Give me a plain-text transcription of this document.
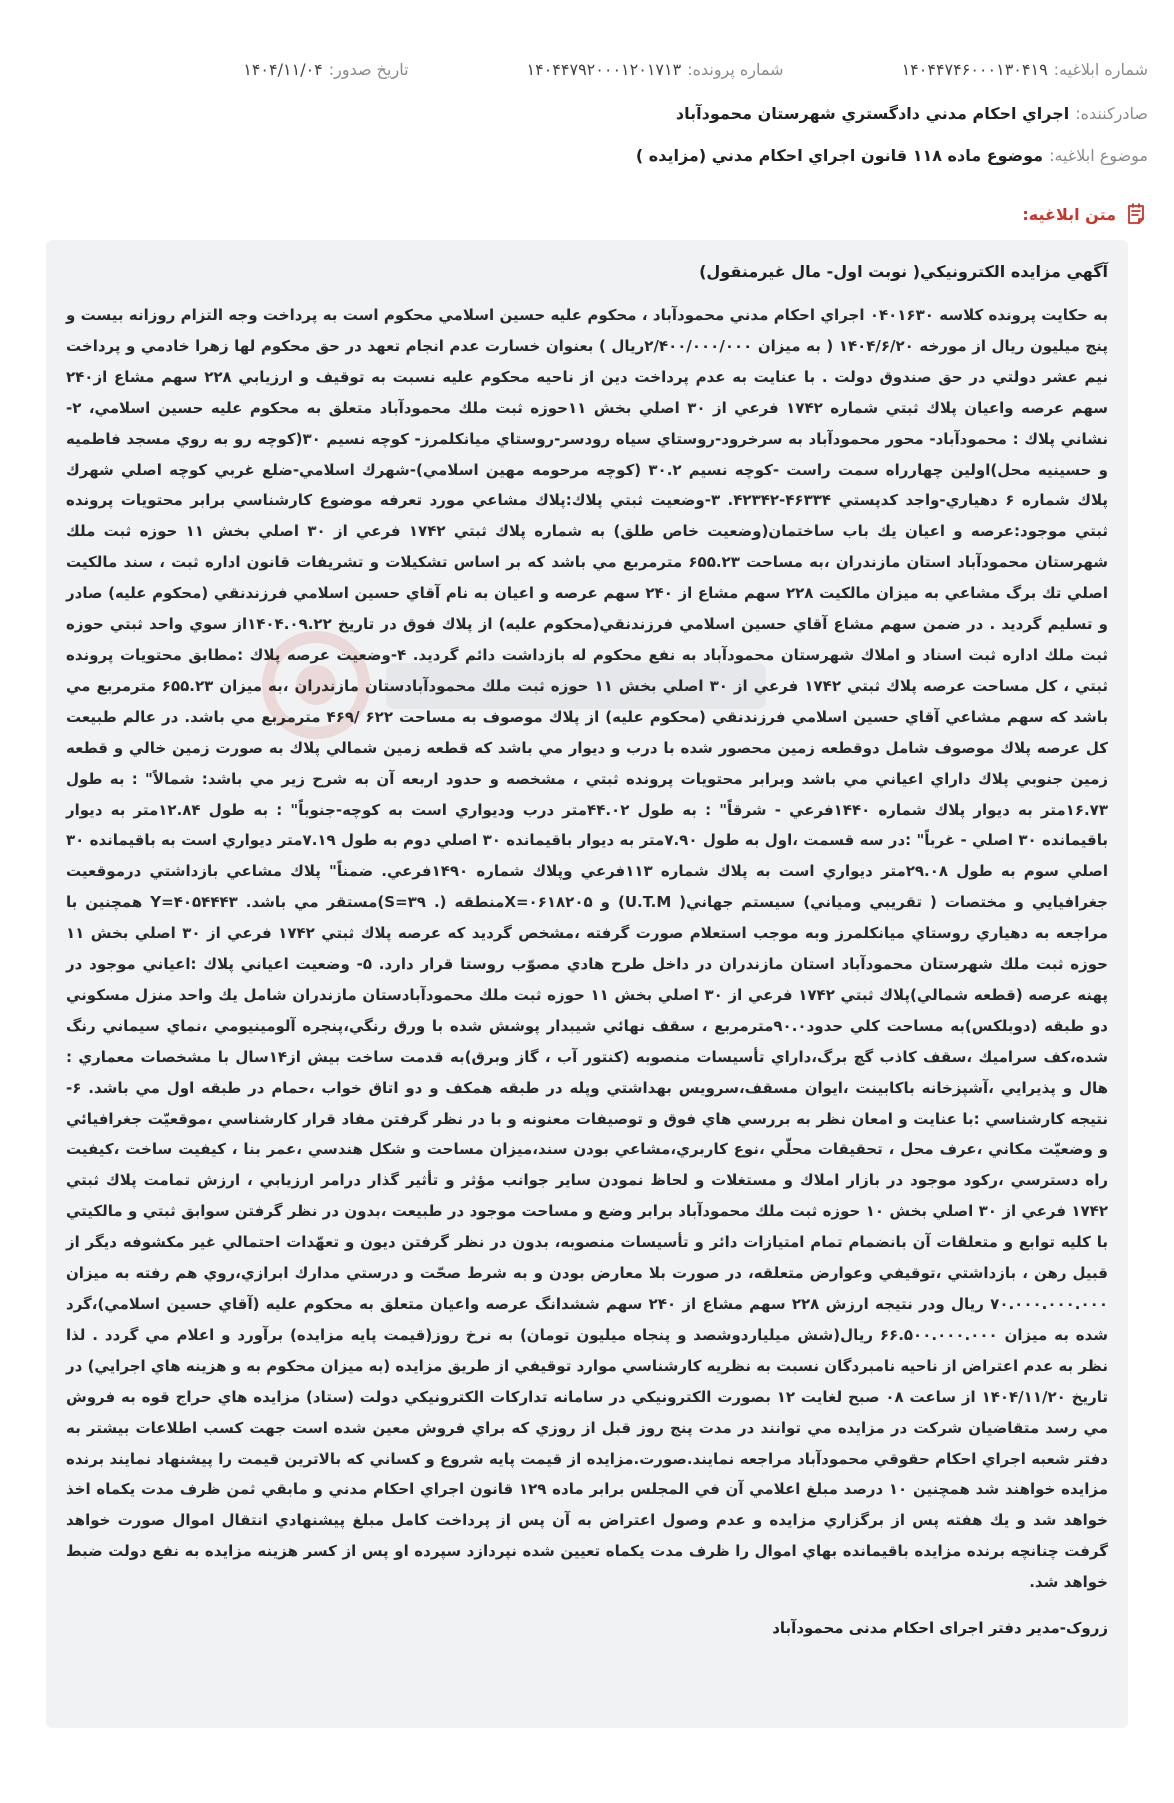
شماره ابلاغیه:
۱۴۰۴۴۷۴۶۰۰۰۱۳۰۴۱۹
شماره پرونده:
۱۴۰۴۴۷۹۲۰۰۰۱۲۰۱۷۱۳
تاریخ صدور:
۱۴۰۴/۱۱/۰۴
صادرکننده:
اجراي احکام مدني دادگستري شهرستان محمودآباد
موضوع ابلاغیه:
موضوع ماده ۱۱۸ قانون اجراي احکام مدني (مزايده )
متن ابلاغیه:
آگهي مزايده الکترونيکي( نوبت اول- مال غيرمنقول)
به حکايت پرونده کلاسه ۰۴۰۱۶۳۰ اجراي احکام مدني محمودآباد ، محکوم عليه حسين اسلامي محکوم است به پرداخت وجه التزام روزانه بيست و پنج ميليون ريال از مورخه ۱۴۰۴/۶/۲۰ ( به ميزان ۲/۴۰۰/۰۰۰/۰۰۰ريال ) بعنوان خسارت عدم انجام تعهد در حق محکوم لها زهرا خادمي و پرداخت نيم عشر دولتي در حق صندوق دولت . با عنايت به عدم پرداخت دين از ناحيه محکوم عليه نسبت به توقيف و ارزيابي ۲۲۸ سهم مشاع از۲۴۰ سهم عرصه واعيان پلاك ثبتي شماره ۱۷۴۲ فرعي از ۳۰ اصلي بخش ۱۱حوزه ثبت ملك محمودآباد متعلق به محکوم عليه حسين اسلامي، ۲- نشاني پلاك : محمودآباد- محور محمودآباد به سرخرود-روستاي سياه رودسر-روستاي ميانکلمرز- کوچه نسيم ۳۰(کوچه رو به روي مسجد فاطميه و حسينيه محل)اولين چهارراه سمت راست -کوچه نسيم ۳۰.۲ (کوچه مرحومه مهين اسلامي)-شهرك اسلامي-ضلع غربي کوچه اصلي شهرك پلاك شماره ۶ دهياري-واجد کدپستي ۴۶۳۳۴-۴۲۳۴۲. ۳-وضعيت ثبتي پلاك:پلاك مشاعي مورد تعرفه موضوع کارشناسي برابر محتويات پرونده ثبتي موجود:عرصه و اعيان يك باب ساختمان(وضعيت خاص طلق) به شماره پلاك ثبتي ۱۷۴۲ فرعي از ۳۰ اصلي بخش ۱۱ حوزه ثبت ملك شهرستان محمودآباد استان مازندران ،به مساحت ۶۵۵.۲۳ مترمربع مي باشد که بر اساس تشکيلات و تشريفات قانون اداره ثبت ، سند مالکيت اصلي تك برگ مشاعي به ميزان مالکيت ۲۲۸ سهم مشاع از ۲۴۰ سهم عرصه و اعيان به نام آقاي حسين اسلامي فرزندنقي (محکوم عليه) صادر و تسليم گرديد . در ضمن سهم مشاع آقاي حسين اسلامي فرزندنقي(محکوم عليه) از پلاك فوق در تاريخ ۱۴۰۴.۰۹.۲۲از سوي واحد ثبتي حوزه ثبت ملك اداره ثبت اسناد و املاك شهرستان محمودآباد به نفع محکوم له بازداشت دائم گرديد. ۴-وضعيت عرصه پلاك :مطابق محتويات پرونده ثبتي ، کل مساحت عرصه پلاك ثبتي ۱۷۴۲ فرعي از ۳۰ اصلي بخش ۱۱ حوزه ثبت ملك محمودآبادستان مازندران ،به ميزان ۶۵۵.۲۳ مترمربع مي باشد که سهم مشاعي آقاي حسين اسلامي فرزندنقي (محکوم عليه) از پلاك موصوف به مساحت ۶۲۲ /۴۶۹ مترمربع مي باشد. در عالم طبيعت کل عرصه پلاك موصوف شامل دوقطعه زمين محصور شده با درب و ديوار مي باشد که قطعه زمين شمالي پلاك به صورت زمين خالي و قطعه زمين جنوبي پلاك داراي اعياني مي باشد وبرابر محتويات پرونده ثبتي ، مشخصه و حدود اربعه آن به شرح زير مي باشد: شمالاً" : به طول ۱۶.۷۳متر به ديوار پلاك شماره ۱۴۴۰فرعي - شرقاً" : به طول ۴۴.۰۲متر درب وديواري است به کوچه-جنوباً" : به طول ۱۲.۸۴متر به ديوار باقيمانده ۳۰ اصلي - غرباً" :در سه قسمت ،اول به طول ۷.۹۰متر به ديوار باقيمانده ۳۰ اصلي دوم به طول ۷.۱۹متر ديواري است به باقيمانده ۳۰ اصلي سوم به طول ۲۹.۰۸متر ديواري است به پلاك شماره ۱۱۳فرعي وپلاك شماره ۱۴۹۰فرعي. ضمناً" پلاك مشاعي بازداشتي درموقعيت جغرافيايي و مختصات ( تقريبي ومياني) سيستم جهاني( U.T.M) و X=۰۶۱۸۲۰۵منطقه (. ۳۹=S)مستقر مي باشد. Y=۴۰۵۴۴۴۳ همچنين با مراجعه به دهياري روستاي ميانکلمرز وبه موجب استعلام صورت گرفته ،مشخص گرديد که عرصه پلاك ثبتي ۱۷۴۲ فرعي از ۳۰ اصلي بخش ۱۱ حوزه ثبت ملك شهرستان محمودآباد استان مازندران در داخل طرح هادي مصوّب روستا قرار دارد. ۵- وضعيت اعياني پلاك :اعياني موجود در پهنه عرصه (قطعه شمالي)پلاك ثبتي ۱۷۴۲ فرعي از ۳۰ اصلي بخش ۱۱ حوزه ثبت ملك محمودآبادستان مازندران شامل يك واحد منزل مسکوني دو طبقه (دوبلکس)به مساحت کلي حدود۹۰.۰مترمربع ، سقف نهائي شيبدار پوشش شده با ورق رنگي،پنجره آلومينيومي ،نماي سيماني رنگ شده،کف سراميك ،سقف کاذب گچ برگ،داراي تأسيسات منصوبه (کنتور آب ، گاز وبرق)به قدمت ساخت بيش از۱۴سال با مشخصات معماري : هال و پذيرايي ،آشپزخانه باکابينت ،ايوان مسقف،سرويس بهداشتي وپله در طبقه همکف و دو اتاق خواب ،حمام در طبقه اول مي باشد. ۶-نتيجه کارشناسي :با عنايت و امعان نظر به بررسي هاي فوق و توصيفات معنونه و با در نظر گرفتن مفاد قرار کارشناسي ،موقعيّت جغرافيائي و وضعيّت مکاني ،عرف محل ، تحقيقات محلّي ،نوع کاربري،مشاعي بودن سند،ميزان مساحت و شکل هندسي ،عمر بنا ، کيفيت ساخت ،کيفيت راه دسترسي ،رکود موجود در بازار املاك و مستغلات و لحاظ نمودن ساير جوانب مؤثر و تأثير گذار درامر ارزيابي ، ارزش تمامت پلاك ثبتي ۱۷۴۲ فرعي از ۳۰ اصلي بخش ۱۰ حوزه ثبت ملك محمودآباد برابر وضع و مساحت موجود در طبيعت ،بدون در نظر گرفتن سوابق ثبتي و مالکيتي با کليه توابع و متعلقات آن بانضمام تمام امتيازات دائر و تأسيسات منصوبه، بدون در نظر گرفتن ديون و تعهّدات احتمالي غير مکشوفه ديگر از قبيل رهن ، بازداشتي ،توقيفي وعوارض متعلقه، در صورت بلا معارض بودن و به شرط صحّت و درستي مدارك ابرازي،روي هم رفته به ميزان ۷۰.۰۰۰.۰۰۰.۰۰۰ ريال ودر نتيجه ارزش ۲۲۸ سهم مشاع از ۲۴۰ سهم ششدانگ عرصه واعيان متعلق به محکوم عليه (آقاي حسين اسلامي)،گرد شده به ميزان ۶۶.۵۰۰.۰۰۰.۰۰۰ ريال(شش ميلياردوشصد و پنجاه ميليون تومان) به نرخ روز(قيمت پايه مزايده) برآورد و اعلام مي گردد . لذا نظر به عدم اعتراض از ناحيه نامبردگان نسبت به نظريه کارشناسي موارد توقيفي از طريق مزايده (به ميزان محکوم به و هزينه هاي اجرايي) در تاريخ ۱۴۰۴/۱۱/۲۰ از ساعت ۰۸ صبح لغايت ۱۲ بصورت الکترونيکي در سامانه تدارکات الکترونيکي دولت (ستاد) مزايده هاي حراج قوه به فروش مي رسد متقاضيان شرکت در مزايده مي توانند در مدت پنج روز قبل از روزي که براي فروش معين شده است جهت کسب اطلاعات بيشتر به دفتر شعبه اجراي احکام حقوقي محمودآباد مراجعه نمايند.صورت.مزايده از قيمت پايه شروع و کساني که بالاترين قيمت را پيشنهاد نمايند برنده مزايده خواهند شد همچنين ۱۰ درصد مبلغ اعلامي آن في المجلس برابر ماده ۱۲۹ قانون اجراي احکام مدني و مابقي ثمن ظرف مدت يکماه اخذ خواهد شد و يك هفته پس از برگزاري مزايده و عدم وصول اعتراض به آن پس از پرداخت کامل مبلغ پيشنهادي انتقال اموال صورت خواهد گرفت چنانچه برنده مزايده باقيمانده بهاي اموال را ظرف مدت يکماه تعيين شده نپردازد سپرده او پس از کسر هزينه مزايده به نفع دولت ضبط خواهد شد.
زروک-مدير دفتر اجراى احکام مدنى محمودآباد
